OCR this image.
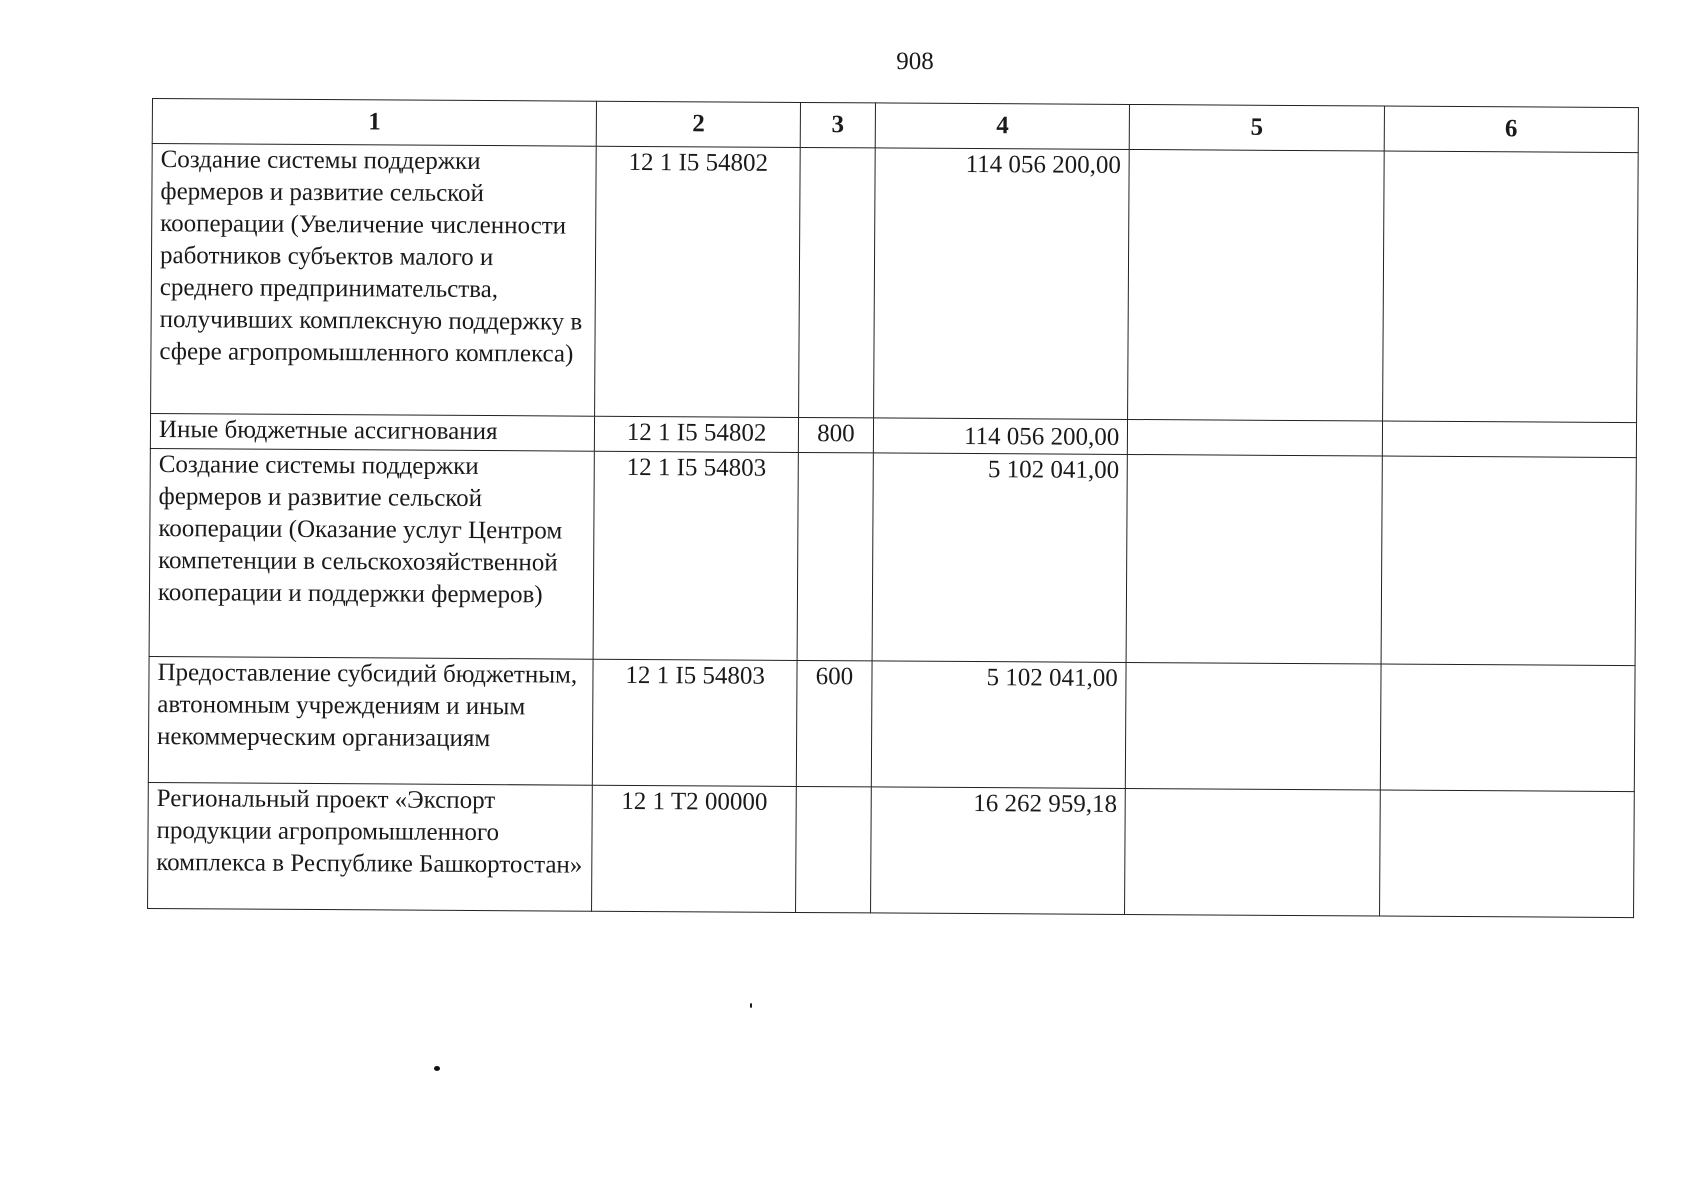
908
1	2	3	4	5	6
Создание системы поддержки фермеров и развитие сельской кооперации (Увеличение численности работников субъектов малого и среднего предпринимательства, получивших комплексную поддержку в сфере агропромышленного комплекса)	12 1 I5 54802		114 056 200,00		
Иные бюджетные ассигнования	12 1 I5 54802	800	114 056 200,00		
Создание системы поддержки фермеров и развитие сельской кооперации (Оказание услуг Центром компетенции в сельскохозяйственной кооперации и поддержки фермеров)	12 1 I5 54803		5 102 041,00		
Предоставление субсидий бюджетным, автономным учреждениям и иным некоммерческим организациям	12 1 I5 54803	600	5 102 041,00		
Региональный проект «Экспорт продукции агропромышленного комплекса в Республике Башкортостан»	12 1 T2 00000		16 262 959,18		
